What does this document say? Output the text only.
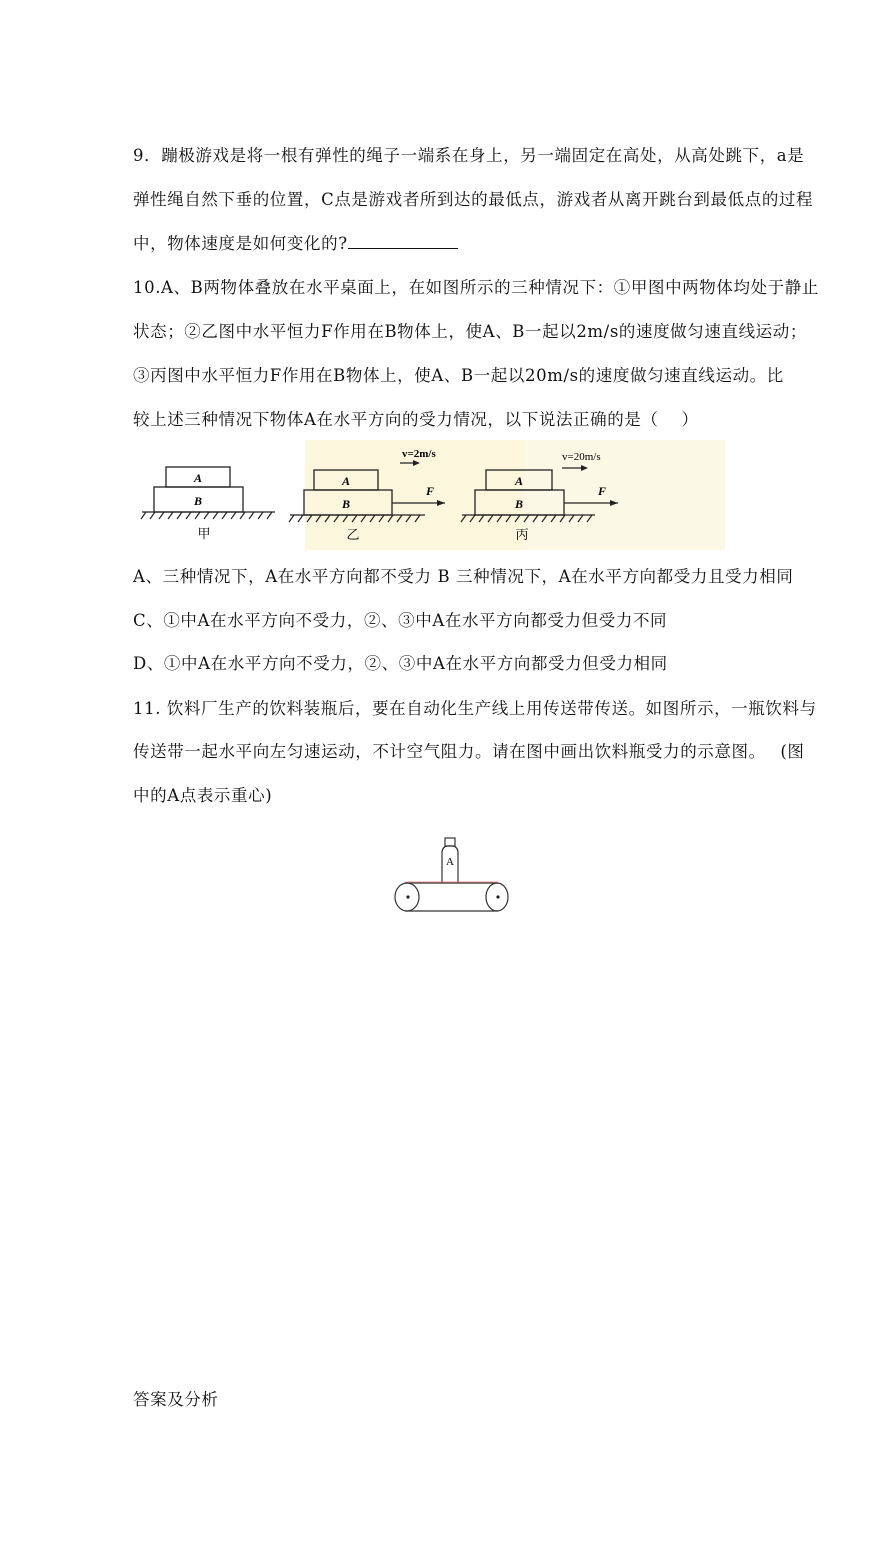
9．蹦极游戏是将一根有弹性的绳子一端系在身上，另一端固定在高处，从高处跳下，a是
弹性绳自然下垂的位置，C点是游戏者所到达的最低点，游戏者从离开跳台到最低点的过程
中，物体速度是如何变化的?
10.A、B两物体叠放在水平桌面上，在如图所示的三种情况下：①甲图中两物体均处于静止
状态；②乙图中水平恒力F作用在B物体上，使A、B一起以2m/s的速度做匀速直线运动；
③丙图中水平恒力F作用在B物体上，使A、B一起以20m/s的速度做匀速直线运动。比
较上述三种情况下物体A在水平方向的受力情况，以下说法正确的是（　 ）
A
B
甲
A
B
F
v=2m/s
乙
A
B
F
v=20m/s
丙
A、三种情况下，A在水平方向都不受力 B 三种情况下，A在水平方向都受力且受力相同
C、①中A在水平方向不受力，②、③中A在水平方向都受力但受力不同
D、①中A在水平方向不受力，②、③中A在水平方向都受力但受力相同
11. 饮料厂生产的饮料装瓶后，要在自动化生产线上用传送带传送。如图所示，一瓶饮料与
传送带一起水平向左匀速运动，不计空气阻力。请在图中画出饮料瓶受力的示意图。　 (图
中的A点表示重心)
A
答案及分析
